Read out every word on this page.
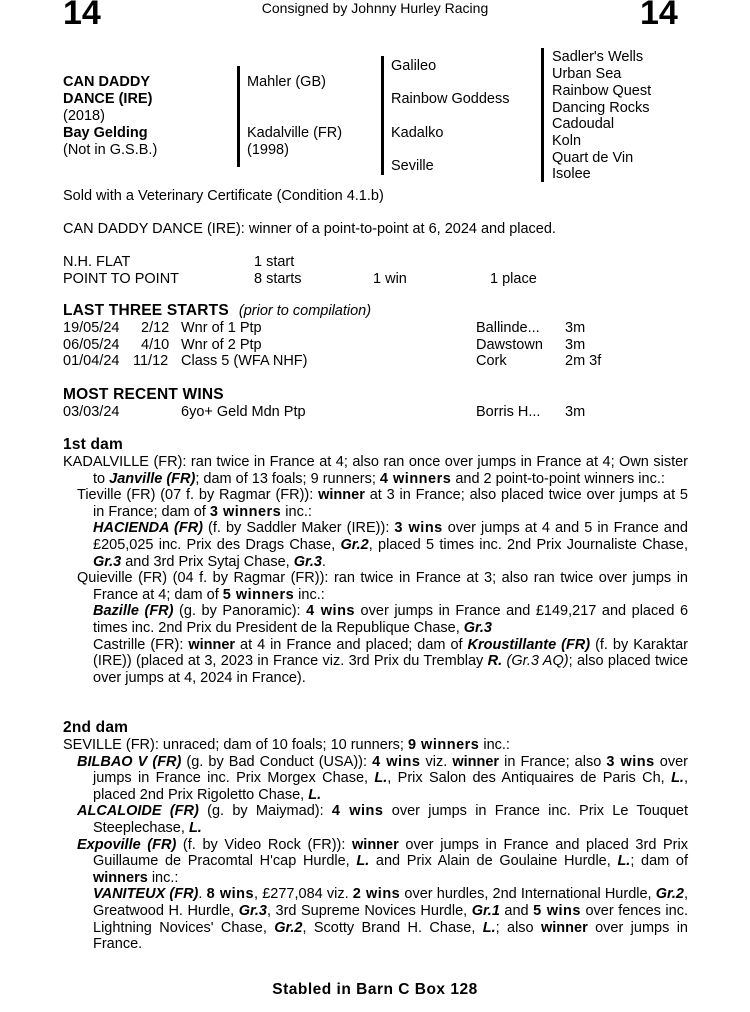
14	Consigned by Johnny Hurley Racing	14
CAN DADDY
DANCE (IRE)
(2018)
Bay Gelding
(Not in G.S.B.)
Mahler (GB)
Kadalville (FR)
(1998)
Galileo
Rainbow Goddess
Kadalko
Seville
Sadler's Wells
Urban Sea
Rainbow Quest
Dancing Rocks
Cadoudal
Koln
Quart de Vin
Isolee
Sold with a Veterinary Certificate (Condition 4.1.b)
CAN DADDY DANCE (IRE): winner of a point-to-point at 6, 2024 and placed.
N.H. FLAT	1 start
POINT TO POINT	8 starts	1 win	1 place
LAST THREE STARTS (prior to compilation)
19/05/24 2/12 Wnr of 1 Ptp	Ballinde... 3m
06/05/24 4/10 Wnr of 2 Ptp	Dawstown 3m
01/04/24 11/12 Class 5 (WFA NHF)	Cork	2m 3f
MOST RECENT WINS
03/03/24	6yo+ Geld Mdn Ptp	Borris H... 3m
1st dam

KADALVILLE (FR): ran twice in France at 4; also ran once over jumps in France at 4; Own sister to Janville (FR); dam of 13 foals; 9 runners; 4 winners and 2 point-to-point winners inc.:

Tieville (FR) (07 f. by Ragmar (FR)): winner at 3 in France; also placed twice over jumps at 5 in France; dam of 3 winners inc.:

HACIENDA (FR) (f. by Saddler Maker (IRE)): 3 wins over jumps at 4 and 5 in France and £205,025 inc. Prix des Drags Chase, Gr.2, placed 5 times inc. 2nd Prix Journaliste Chase, Gr.3 and 3rd Prix Sytaj Chase, Gr.3.

Quieville (FR) (04 f. by Ragmar (FR)): ran twice in France at 3; also ran twice over jumps in France at 4; dam of 5 winners inc.:

Bazille (FR) (g. by Panoramic): 4 wins over jumps in France and £149,217 and placed 6 times inc. 2nd Prix du President de la Republique Chase, Gr.3

Castrille (FR): winner at 4 in France and placed; dam of Kroustillante (FR) (f. by Karaktar (IRE)) (placed at 3, 2023 in France viz. 3rd Prix du Tremblay R. (Gr.3 AQ); also placed twice over jumps at 4, 2024 in France).

2nd dam

SEVILLE (FR): unraced; dam of 10 foals; 10 runners; 9 winners inc.:

BILBAO V (FR) (g. by Bad Conduct (USA)): 4 wins viz. winner in France; also 3 wins over jumps in France inc. Prix Morgex Chase, L., Prix Salon des Antiquaires de Paris Ch, L., placed 2nd Prix Rigoletto Chase, L.

ALCALOIDE (FR) (g. by Maiymad): 4 wins over jumps in France inc. Prix Le Touquet Steeplechase, L.

Expoville (FR) (f. by Video Rock (FR)): winner over jumps in France and placed 3rd Prix Guillaume de Pracomtal H'cap Hurdle, L. and Prix Alain de Goulaine Hurdle, L.; dam of winners inc.:

VANITEUX (FR). 8 wins, £277,084 viz. 2 wins over hurdles, 2nd International Hurdle, Gr.2, Greatwood H. Hurdle, Gr.3, 3rd Supreme Novices Hurdle, Gr.1 and 5 wins over fences inc. Lightning Novices' Chase, Gr.2, Scotty Brand H. Chase, L.; also winner over jumps in France.

Stabled in Barn C Box 128
